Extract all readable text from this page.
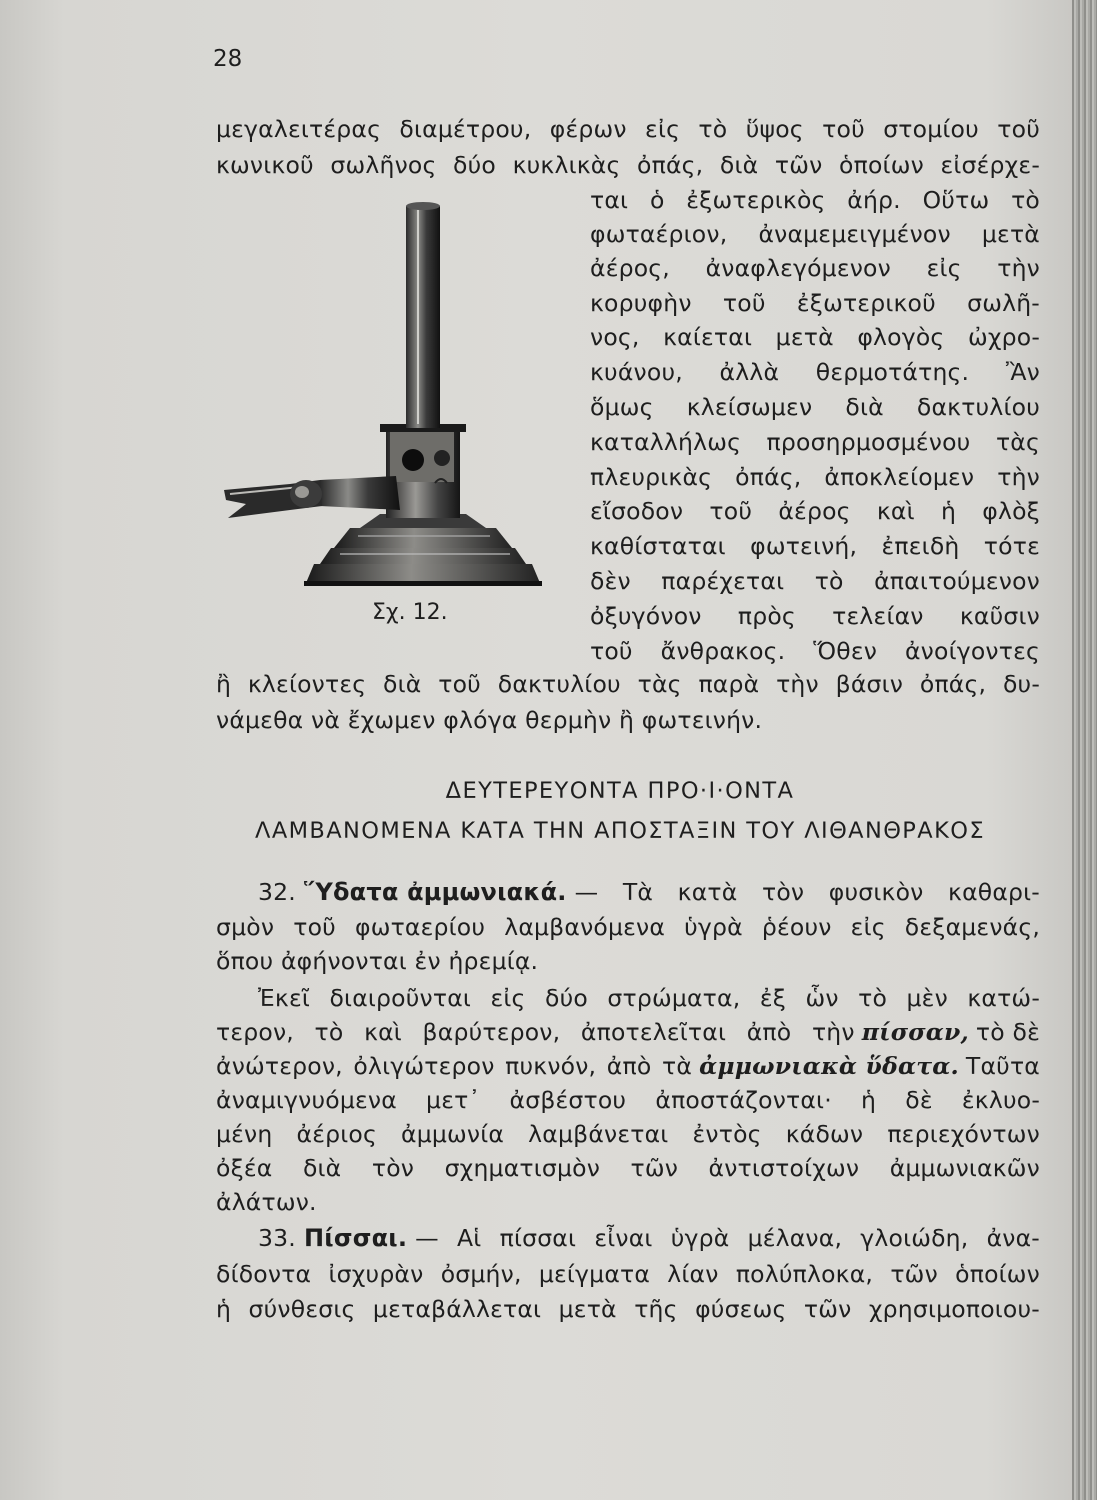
28
μεγαλειτέρας διαμέτρου, φέρων εἰς τὸ ὕψος τοῦ στομίου τοῦ
κωνικοῦ σωλῆνος δύο κυκλικὰς ὀπάς, διὰ τῶν ὁποίων εἰσέρχε-
ται ὁ ἐξωτερικὸς ἀήρ. Οὕτω τὸ
φωταέριον, ἀναμεμειγμένον μετὰ
ἀέρος, ἀναφλεγόμενον εἰς τὴν
κορυφὴν τοῦ ἐξωτερικοῦ σωλῆ-
νος, καίεται μετὰ φλογὸς ὠχρο-
κυάνου, ἀλλὰ θερμοτάτης. Ἂν
ὅμως κλείσωμεν διὰ δακτυλίου
καταλλήλως προσηρμοσμένου τὰς
πλευρικὰς ὀπάς, ἀποκλείομεν τὴν
εἴσοδον τοῦ ἀέρος καὶ ἡ φλὸξ
καθίσταται φωτεινή, ἐπειδὴ τότε
δὲν παρέχεται τὸ ἀπαιτούμενον
ὀξυγόνον πρὸς τελείαν καῦσιν
τοῦ ἄνθρακος. Ὅθεν ἀνοίγοντες
ἢ κλείοντες διὰ τοῦ δακτυλίου τὰς παρὰ τὴν βάσιν ὀπάς, δυ-
νάμεθα νὰ ἔχωμεν φλόγα θερμὴν ἢ φωτεινήν.
Σχ. 12.
ΔΕΥΤΕΡΕΥΟΝΤΑ ΠΡΟ·Ι·ΟΝΤΑ
ΛΑΜΒΑΝΟΜΕΝΑ ΚΑΤΑ ΤΗΝ ΑΠΟΣΤΑΞΙΝ ΤΟΥ ΛΙΘΑΝΘΡΑΚΟΣ
32. Ὕδατα ἀμμωνιακά. — Τὰ κατὰ τὸν φυσικὸν καθαρι-
σμὸν τοῦ φωταερίου λαμβανόμενα ὑγρὰ ῥέουν εἰς δεξαμενάς,
ὅπου ἀφήνονται ἐν ἠρεμίᾳ.
Ἐκεῖ διαιροῦνται εἰς δύο στρώματα, ἐξ ὧν τὸ μὲν κατώ-
τερον, τὸ καὶ βαρύτερον, ἀποτελεῖται ἀπὸ τὴν πίσσαν, τὸ δὲ
ἀνώτερον, ὀλιγώτερον πυκνόν, ἀπὸ τὰ ἀμμωνιακὰ ὕδατα. Ταῦτα
ἀναμιγνυόμενα μετ᾽ ἀσβέστου ἀποστάζονται· ἡ δὲ ἐκλυο-
μένη ἀέριος ἀμμωνία λαμβάνεται ἐντὸς κάδων περιεχόντων
ὀξέα διὰ τὸν σχηματισμὸν τῶν ἀντιστοίχων ἀμμωνιακῶν
ἀλάτων.
33. Πίσσαι. — Αἱ πίσσαι εἶναι ὑγρὰ μέλανα, γλοιώδη, ἀνα-
δίδοντα ἰσχυρὰν ὀσμήν, μείγματα λίαν πολύπλοκα, τῶν ὁποίων
ἡ σύνθεσις μεταβάλλεται μετὰ τῆς φύσεως τῶν χρησιμοποιου-
